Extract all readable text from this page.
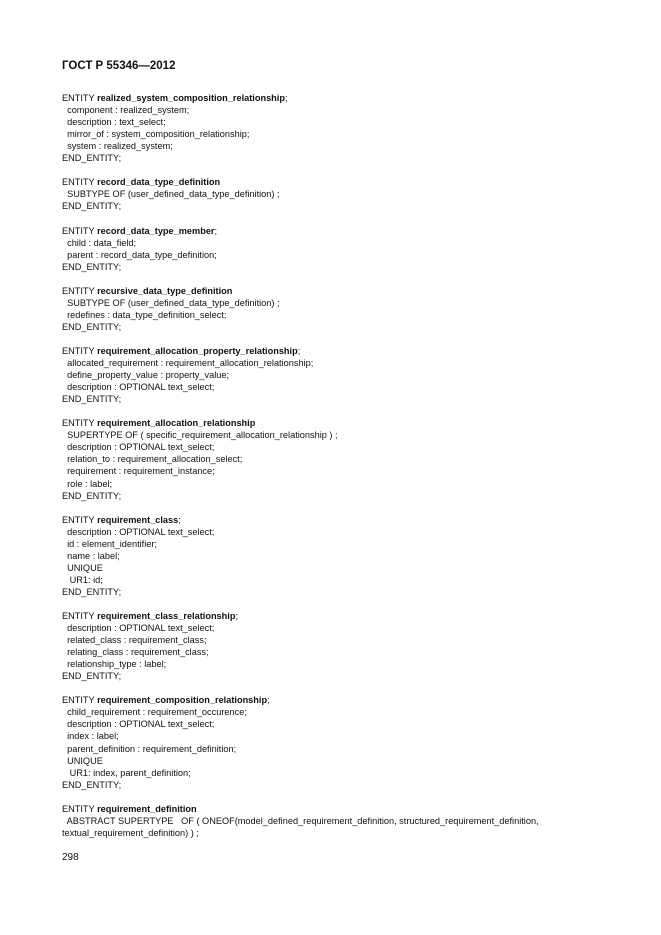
ГОСТ Р 55346—2012
ENTITY realized_system_composition_relationship;
component : realized_system;
description : text_select;
mirror_of : system_composition_relationship;
system : realized_system;
END_ENTITY;
ENTITY record_data_type_definition
SUBTYPE OF (user_defined_data_type_definition) ;
END_ENTITY;
ENTITY record_data_type_member;
child : data_field;
parent : record_data_type_definition;
END_ENTITY;
ENTITY recursive_data_type_definition
SUBTYPE OF (user_defined_data_type_definition) ;
redefines : data_type_definition_select;
END_ENTITY;
ENTITY requirement_allocation_property_relationship;
allocated_requirement : requirement_allocation_relationship;
define_property_value : property_value;
description : OPTIONAL text_select;
END_ENTITY;
ENTITY requirement_allocation_relationship
SUPERTYPE OF ( specific_requirement_allocation_relationship ) ;
description : OPTIONAL text_select;
relation_to : requirement_allocation_select;
requirement : requirement_instance;
role : label;
END_ENTITY;
ENTITY requirement_class;
description : OPTIONAL text_select;
id : element_identifier;
name : label;
UNIQUE
UR1: id;
END_ENTITY;
ENTITY requirement_class_relationship;
description : OPTIONAL text_select;
related_class : requirement_class;
relating_class : requirement_class;
relationship_type : label;
END_ENTITY;
ENTITY requirement_composition_relationship;
child_requirement : requirement_occurence;
description : OPTIONAL text_select;
index : label;
parent_definition : requirement_definition;
UNIQUE
UR1: index, parent_definition;
END_ENTITY;
ENTITY requirement_definition
ABSTRACT SUPERTYPE   OF ( ONEOF(model_defined_requirement_definition, structured_requirement_definition,
textual_requirement_definition) ) ;
298
